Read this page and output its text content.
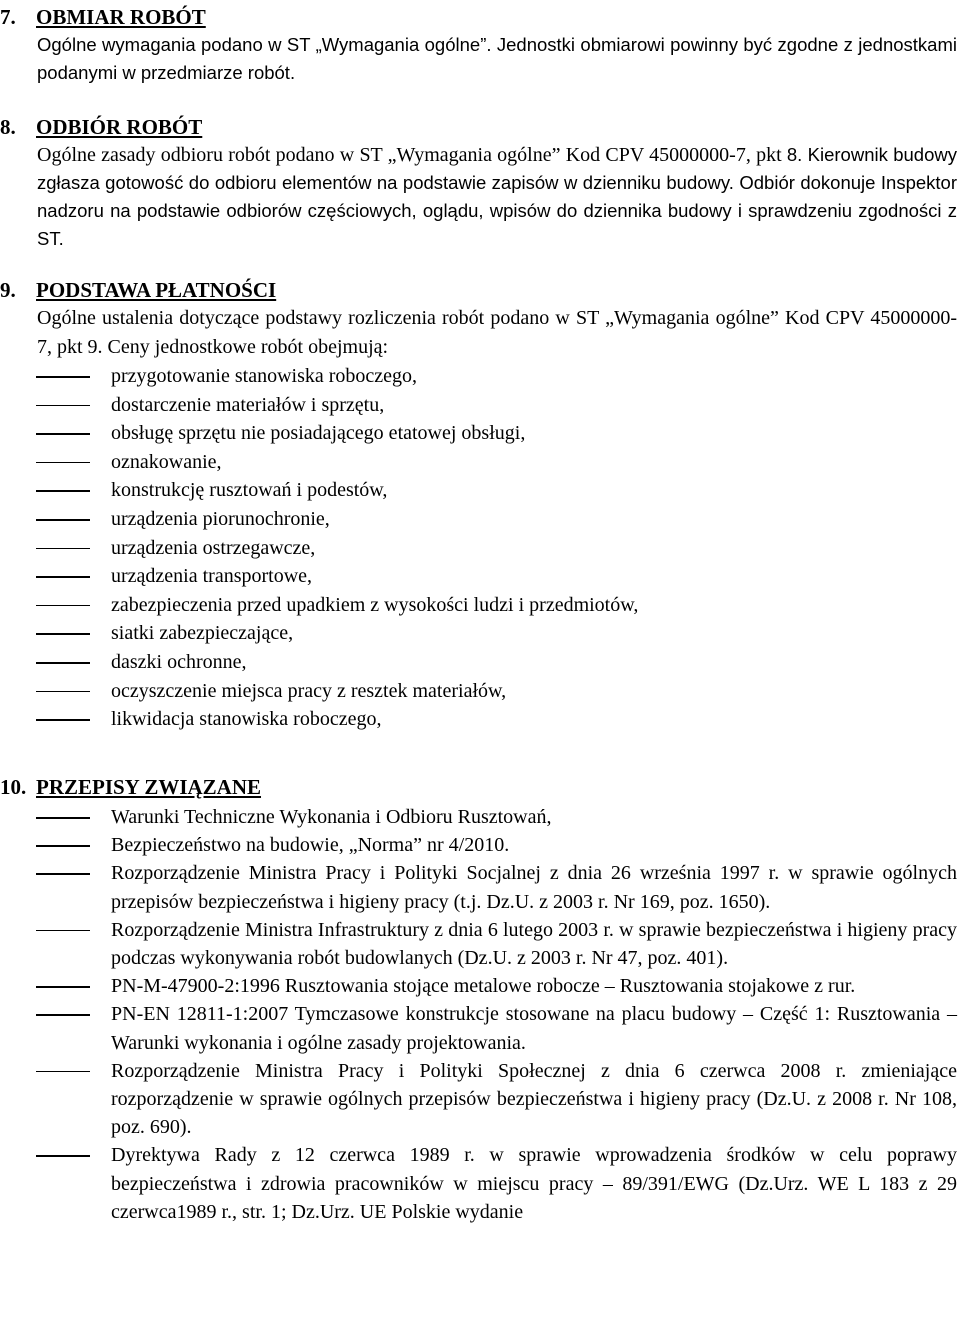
7. OBMIAR ROBÓT
Ogólne wymagania podano w ST „Wymagania ogólne”. Jednostki obmiarowi powinny być zgodne z jednostkami podanymi w przedmiarze robót.
8. ODBIÓR ROBÓT
Ogólne zasady odbioru robót podano w ST „Wymagania ogólne” Kod CPV 45000000-7, pkt 8. Kierownik budowy zgłasza gotowość do odbioru elementów na podstawie zapisów w dzienniku budowy. Odbiór dokonuje Inspektor nadzoru na podstawie odbiorów częściowych, oglądu, wpisów do dziennika budowy i sprawdzeniu zgodności z ST.
9. PODSTAWA PŁATNOŚCI
Ogólne ustalenia dotyczące podstawy rozliczenia robót podano w ST „Wymagania ogólne” Kod CPV 45000000-7, pkt 9. Ceny jednostkowe robót obejmują:
przygotowanie stanowiska roboczego,
dostarczenie materiałów i sprzętu,
obsługę sprzętu nie posiadającego etatowej obsługi,
oznakowanie,
konstrukcję rusztowań i podestów,
urządzenia piorunochronie,
urządzenia ostrzegawcze,
urządzenia transportowe,
zabezpieczenia przed upadkiem z wysokości ludzi i przedmiotów,
siatki zabezpieczające,
daszki ochronne,
oczyszczenie miejsca pracy z resztek materiałów,
likwidacja stanowiska roboczego,
10. PRZEPISY ZWIĄZANE
Warunki Techniczne Wykonania i Odbioru Rusztowań,
Bezpieczeństwo na budowie, „Norma” nr 4/2010.
Rozporządzenie Ministra Pracy i Polityki Socjalnej z dnia 26 września 1997 r. w sprawie ogólnych przepisów bezpieczeństwa i higieny pracy (t.j. Dz.U. z 2003 r. Nr 169, poz. 1650).
Rozporządzenie Ministra Infrastruktury z dnia 6 lutego 2003 r. w sprawie bezpieczeństwa i higieny pracy podczas wykonywania robót budowlanych (Dz.U. z 2003 r. Nr 47, poz. 401).
PN-M-47900-2:1996 Rusztowania stojące metalowe robocze – Rusztowania stojakowe z rur.
PN-EN 12811-1:2007 Tymczasowe konstrukcje stosowane na placu budowy – Część 1: Rusztowania – Warunki wykonania i ogólne zasady projektowania.
Rozporządzenie Ministra Pracy i Polityki Społecznej z dnia 6 czerwca 2008 r. zmieniające rozporządzenie w sprawie ogólnych przepisów bezpieczeństwa i higieny pracy (Dz.U. z 2008 r. Nr 108, poz. 690).
Dyrektywa Rady z 12 czerwca 1989 r. w sprawie wprowadzenia środków w celu poprawy bezpieczeństwa i zdrowia pracowników w miejscu pracy – 89/391/EWG (Dz.Urz. WE L 183 z 29 czerwca1989 r., str. 1; Dz.Urz. UE Polskie wydanie
